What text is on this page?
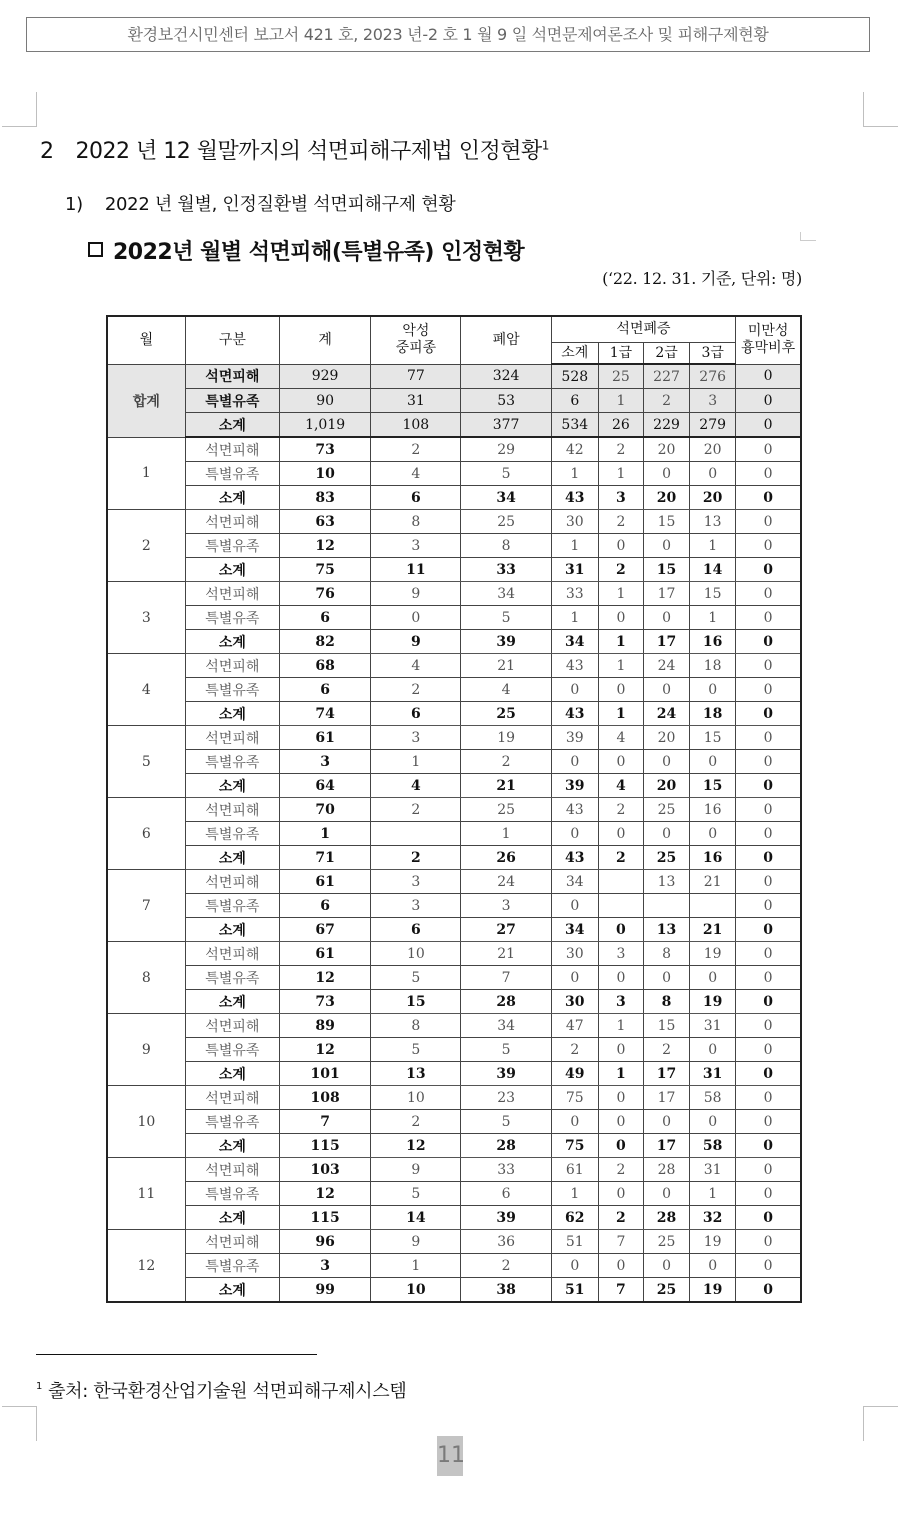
환경보건시민센터 보고서 421 호, 2023 년-2 호 1 월 9 일 석면문제여론조사 및 피해구제현황
2 2022 년 12 월말까지의 석면피해구제법 인정현황$^1$
1) 2022 년 월별, 인정질환별 석면피해구제 현황
2022년 월별 석면피해(특별유족) 인정현황
(‘22. 12. 31. 기준, 단위: 명)
월	구분	계	악성
중피종	폐암	석면폐증				미만성
흉막비후
					소계	1급	2급	3급	
합계	석면피해	929	77	324	528	25	227	276	0
	특별유족	90	31	53	6	1	2	3	0
	소계	1,019	108	377	534	26	229	279	0
1	석면피해	73	2	29	42	2	20	20	0
	특별유족	10	4	5	1	1	0	0	0
	소계	83	6	34	43	3	20	20	0
2	석면피해	63	8	25	30	2	15	13	0
	특별유족	12	3	8	1	0	0	1	0
	소계	75	11	33	31	2	15	14	0
3	석면피해	76	9	34	33	1	17	15	0
	특별유족	6	0	5	1	0	0	1	0
	소계	82	9	39	34	1	17	16	0
4	석면피해	68	4	21	43	1	24	18	0
	특별유족	6	2	4	0	0	0	0	0
	소계	74	6	25	43	1	24	18	0
5	석면피해	61	3	19	39	4	20	15	0
	특별유족	3	1	2	0	0	0	0	0
	소계	64	4	21	39	4	20	15	0
6	석면피해	70	2	25	43	2	25	16	0
	특별유족	1		1	0	0	0	0	0
	소계	71	2	26	43	2	25	16	0
7	석면피해	61	3	24	34		13	21	0
	특별유족	6	3	3	0				0
	소계	67	6	27	34	0	13	21	0
8	석면피해	61	10	21	30	3	8	19	0
	특별유족	12	5	7	0	0	0	0	0
	소계	73	15	28	30	3	8	19	0
9	석면피해	89	8	34	47	1	15	31	0
	특별유족	12	5	5	2	0	2	0	0
	소계	101	13	39	49	1	17	31	0
10	석면피해	108	10	23	75	0	17	58	0
	특별유족	7	2	5	0	0	0	0	0
	소계	115	12	28	75	0	17	58	0
11	석면피해	103	9	33	61	2	28	31	0
	특별유족	12	5	6	1	0	0	1	0
	소계	115	14	39	62	2	28	32	0
12	석면피해	96	9	36	51	7	25	19	0
	특별유족	3	1	2	0	0	0	0	0
	소계	99	10	38	51	7	25	19	0
$^1$ 출처: 한국환경산업기술원 석면피해구제시스템
11
